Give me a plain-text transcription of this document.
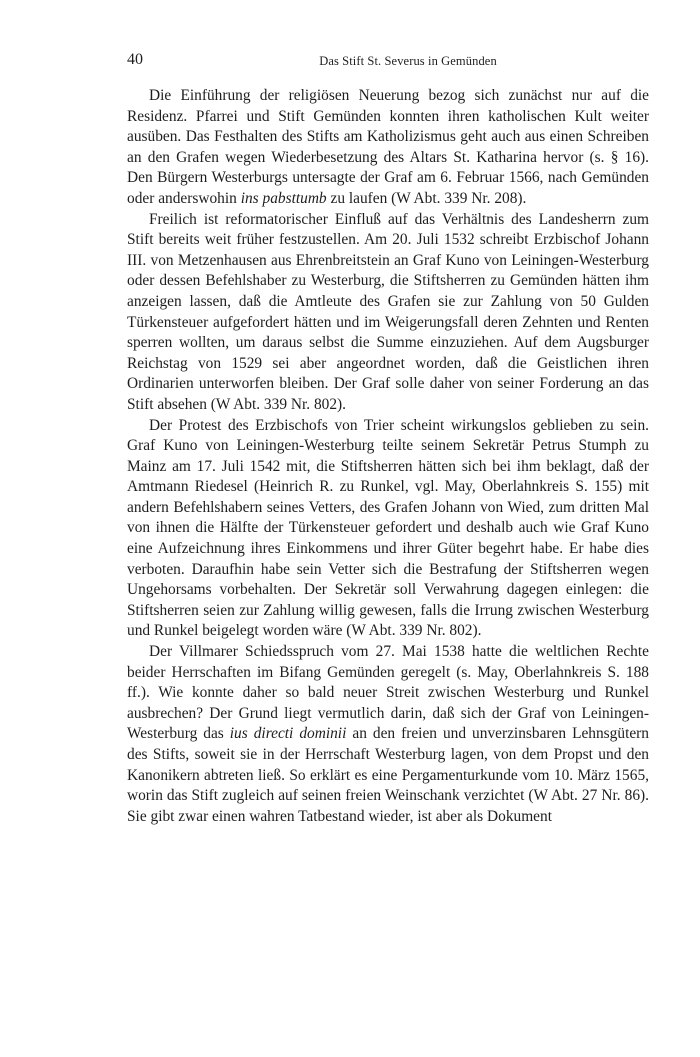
40	Das Stift St. Severus in Gemünden

Die Einführung der religiösen Neuerung bezog sich zunächst nur auf die Residenz. Pfarrei und Stift Gemünden konnten ihren katholischen Kult weiter ausüben. Das Festhalten des Stifts am Katholizismus geht auch aus einen Schreiben an den Grafen wegen Wiederbesetzung des Altars St. Katharina hervor (s. § 16). Den Bürgern Westerburgs untersagte der Graf am 6. Februar 1566, nach Gemünden oder anderswohin ins pabsttumb zu laufen (W Abt. 339 Nr. 208).

Freilich ist reformatorischer Einfluß auf das Verhältnis des Landesherrn zum Stift bereits weit früher festzustellen. Am 20. Juli 1532 schreibt Erzbischof Johann III. von Metzenhausen aus Ehrenbreitstein an Graf Kuno von Leiningen-Westerburg oder dessen Befehlshaber zu Westerburg, die Stiftsherren zu Gemünden hätten ihm anzeigen lassen, daß die Amtleute des Grafen sie zur Zahlung von 50 Gulden Türkensteuer aufgefordert hätten und im Weigerungsfall deren Zehnten und Renten sperren wollten, um daraus selbst die Summe einzuziehen. Auf dem Augsburger Reichstag von 1529 sei aber angeordnet worden, daß die Geistlichen ihren Ordinarien unterworfen bleiben. Der Graf solle daher von seiner Forderung an das Stift absehen (W Abt. 339 Nr. 802).

Der Protest des Erzbischofs von Trier scheint wirkungslos geblieben zu sein. Graf Kuno von Leiningen-Westerburg teilte seinem Sekretär Petrus Stumph zu Mainz am 17. Juli 1542 mit, die Stiftsherren hätten sich bei ihm beklagt, daß der Amtmann Riedesel (Heinrich R. zu Runkel, vgl. May, Oberlahnkreis S. 155) mit andern Befehlshabern seines Vetters, des Grafen Johann von Wied, zum dritten Mal von ihnen die Hälfte der Türkensteuer gefordert und deshalb auch wie Graf Kuno eine Aufzeichnung ihres Einkommens und ihrer Güter begehrt habe. Er habe dies verboten. Daraufhin habe sein Vetter sich die Bestrafung der Stiftsherren wegen Ungehorsams vorbehalten. Der Sekretär soll Verwahrung dagegen einlegen: die Stiftsherren seien zur Zahlung willig gewesen, falls die Irrung zwischen Westerburg und Runkel beigelegt worden wäre (W Abt. 339 Nr. 802).

Der Villmarer Schiedsspruch vom 27. Mai 1538 hatte die weltlichen Rechte beider Herrschaften im Bifang Gemünden geregelt (s. May, Oberlahnkreis S. 188 ff.). Wie konnte daher so bald neuer Streit zwischen Westerburg und Runkel ausbrechen? Der Grund liegt vermutlich darin, daß sich der Graf von Leiningen-Westerburg das ius directi dominii an den freien und unverzinsbaren Lehnsgütern des Stifts, soweit sie in der Herrschaft Westerburg lagen, von dem Propst und den Kanonikern abtreten ließ. So erklärt es eine Pergamenturkunde vom 10. März 1565, worin das Stift zugleich auf seinen freien Weinschank verzichtet (W Abt. 27 Nr. 86). Sie gibt zwar einen wahren Tatbestand wieder, ist aber als Dokument
